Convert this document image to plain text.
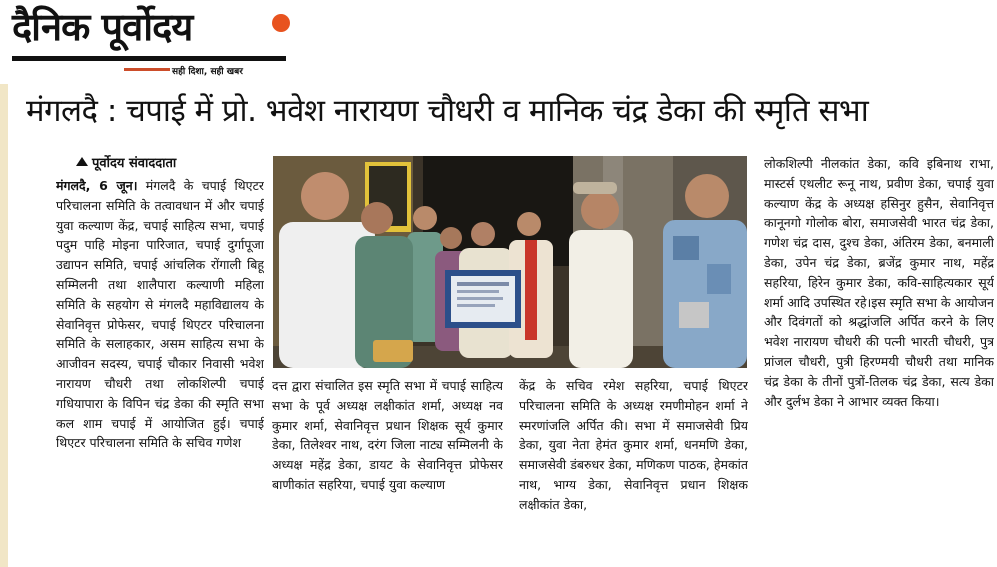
दैनिक पूर्वोदय
सही दिशा, सही खबर
मंगलदै : चपाई में प्रो. भवेश नारायण चौधरी व मानिक चंद्र डेका की स्मृति सभा
पूर्वोदय संवाददाता

मंगलदै, 6 जून। मंगलदै के चपाई थिएटर परिचालना समिति के तत्वावधान में और चपाई युवा कल्याण केंद्र, चपाई साहित्य सभा, चपाई पदुम पाहि मोइना पारिजात, चपाई दुर्गापूजा उद्यापन समिति, चपाई आंचलिक रोंगाली बिहू सम्मिलनी तथा शालैपारा कल्याणी महिला समिति के सहयोग से मंगलदै महाविद्यालय के सेवानिवृत्त प्रोफेसर, चपाई थिएटर परिचालना समिति के सलाहकार, असम साहित्य सभा के आजीवन सदस्य, चपाई चौकार निवासी भवेश नारायण चौधरी तथा लोकशिल्पी चपाई गधियापारा के विपिन चंद्र डेका की स्मृति सभा कल शाम चपाई में आयोजित हुई। चपाई थिएटर परिचालना समिति के सचिव गणेश

दत्त द्वारा संचालित इस स्मृति सभा में चपाई साहित्य सभा के पूर्व अध्यक्ष लक्षीकांत शर्मा, अध्यक्ष नव कुमार शर्मा, सेवानिवृत्त प्रधान शिक्षक सूर्य कुमार डेका, तिलेश्वर नाथ, दरंग जिला नाट्य सम्मिलनी के अध्यक्ष महेंद्र डेका, डायट के सेवानिवृत्त प्रोफेसर बाणीकांत सहरिया, चपाई युवा कल्याण
केंद्र के सचिव रमेश सहरिया, चपाई थिएटर परिचालना समिति के अध्यक्ष रमणीमोहन शर्मा ने स्मरणांजलि अर्पित की। सभा में समाजसेवी प्रिय डेका, युवा नेता हेमंत कुमार शर्मा, धनमणि डेका, समाजसेवी डंबरुधर डेका, मणिकण पाठक, हेमकांत नाथ, भाग्य डेका, सेवानिवृत्त प्रधान शिक्षक लक्षीकांत डेका,
लोकशिल्पी नीलकांत डेका, कवि इबिनाथ राभा, मास्टर्स एथलीट रूनू नाथ, प्रवीण डेका, चपाई युवा कल्याण केंद्र के अध्यक्ष हसिनुर हुसैन, सेवानिवृत्त कानूनगो गोलोक बोरा, समाजसेवी भारत चंद्र डेका, गणेश चंद्र दास, दुश्च डेका, अंतिरम डेका, बनमाली डेका, उपेन चंद्र डेका, ब्रजेंद्र कुमार नाथ, महेंद्र सहरिया, हिरेन कुमार डेका, कवि-साहित्यकार सूर्य शर्मा आदि उपस्थित रहे।इस स्मृति सभा के आयोजन और दिवंगतों को श्रद्धांजलि अर्पित करने के लिए भवेश नारायण चौधरी की पत्नी भारती चौधरी, पुत्र प्रांजल चौधरी, पुत्री हिरण्मयी चौधरी तथा मानिक चंद्र डेका के तीनों पुत्रों-तिलक चंद्र डेका, सत्य डेका और दुर्लभ डेका ने आभार व्यक्त किया।
